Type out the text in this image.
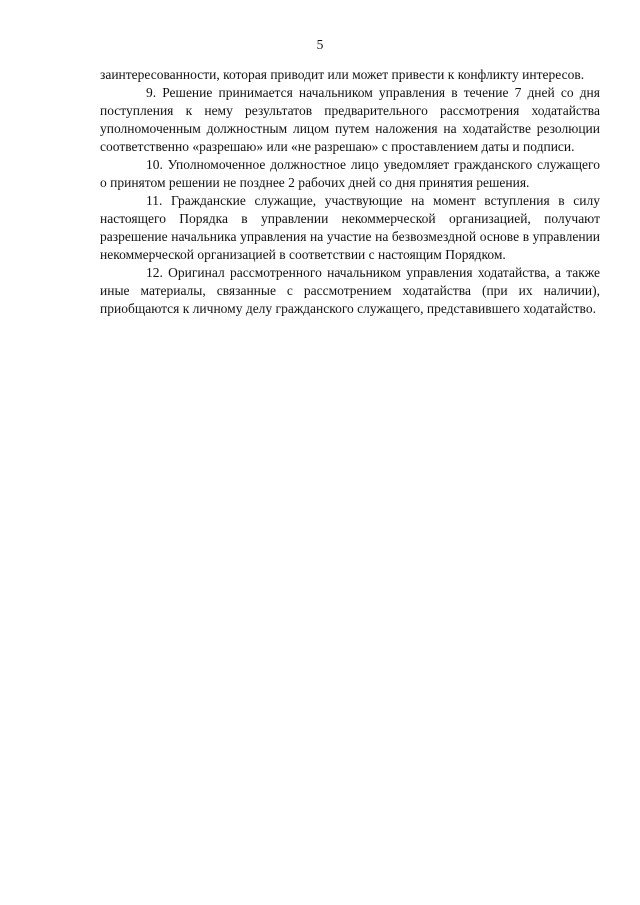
5

заинтересованности, которая приводит или может привести к конфликту интересов.

9. Решение принимается начальником управления в течение 7 дней со дня поступления к нему результатов предварительного рассмотрения ходатайства уполномоченным должностным лицом путем наложения на ходатайстве резолюции соответственно «разрешаю» или «не разрешаю» с проставлением даты и подписи.

10. Уполномоченное должностное лицо уведомляет гражданского служащего о принятом решении не позднее 2 рабочих дней со дня принятия решения.

11. Гражданские служащие, участвующие на момент вступления в силу настоящего Порядка в управлении некоммерческой организацией, получают разрешение начальника управления на участие на безвозмездной основе в управлении некоммерческой организацией в соответствии с настоящим Порядком.

12. Оригинал рассмотренного начальником управления ходатайства, а также иные материалы, связанные с рассмотрением ходатайства (при их наличии), приобщаются к личному делу гражданского служащего, представившего ходатайство.
